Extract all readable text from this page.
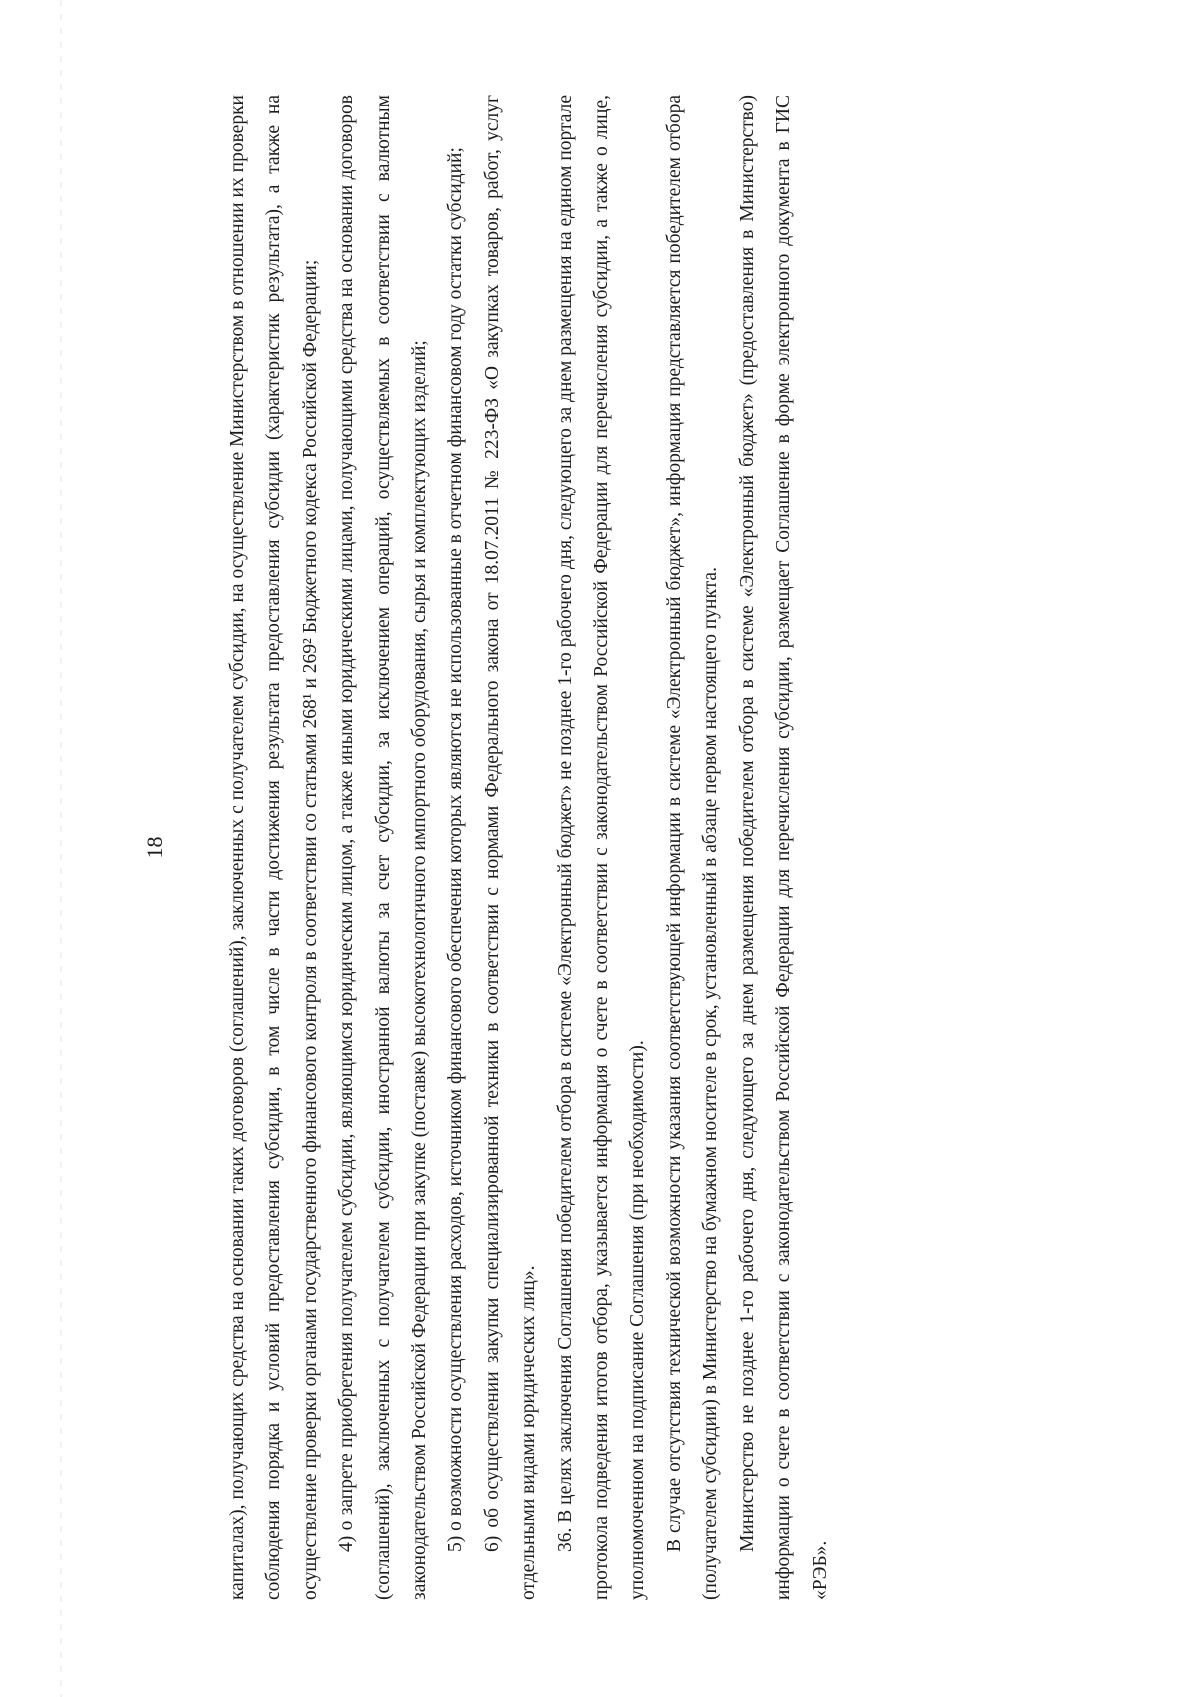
18	капиталах), получающих средства на основании таких договоров (соглашений), заключенных с получателем субсидии, на осуществление Министерством в отношении их проверки соблюдения порядка и условий предоставления субсидии, в том числе в части достижения результата предоставления субсидии (характеристик результата), а также на осуществление проверки органами государственного финансового контроля в соответствии со статьями 268¹ и 269² Бюджетного кодекса Российской Федерации; 4) о запрете приобретения получателем субсидии, являющимся юридическим лицом, а также иными юридическими лицами, получающими средства на основании договоров (соглашений), заключенных с получателем субсидии, иностранной валюты за счет субсидии, за исключением операций, осуществляемых в соответствии с валютным законодательством Российской Федерации при закупке (поставке) высокотехнологичного импортного оборудования, сырья и комплектующих изделий; 5) о возможности осуществления расходов, источником финансового обеспечения которых являются не использованные в отчетном финансовом году остатки субсидий; 6) об осуществлении закупки специализированной техники в соответствии с нормами Федерального закона от 18.07.2011 № 223-ФЗ «О закупках товаров, работ, услуг отдельными видами юридических лиц». 36. В целях заключения Соглашения победителем отбора в системе «Электронный бюджет» не позднее 1-го рабочего дня, следующего за днем размещения на едином портале протокола подведения итогов отбора, указывается информация о счете в соответствии с законодательством Российской Федерации для перечисления субсидии, а также о лице, уполномоченном на подписание Соглашения (при необходимости). В случае отсутствия технической возможности указания соответствующей информации в системе «Электронный бюджет», информация представляется победителем отбора (получателем субсидии) в Министерство на бумажном носителе в срок, установленный в абзаце первом настоящего пункта. Министерство не позднее 1-го рабочего дня, следующего за днем размещения победителем отбора в системе «Электронный бюджет» (предоставления в Министерство) информации о счете в соответствии с законодательством Российской Федерации для перечисления субсидии, размещает Соглашение в форме электронного документа в ГИС «РЭБ».
